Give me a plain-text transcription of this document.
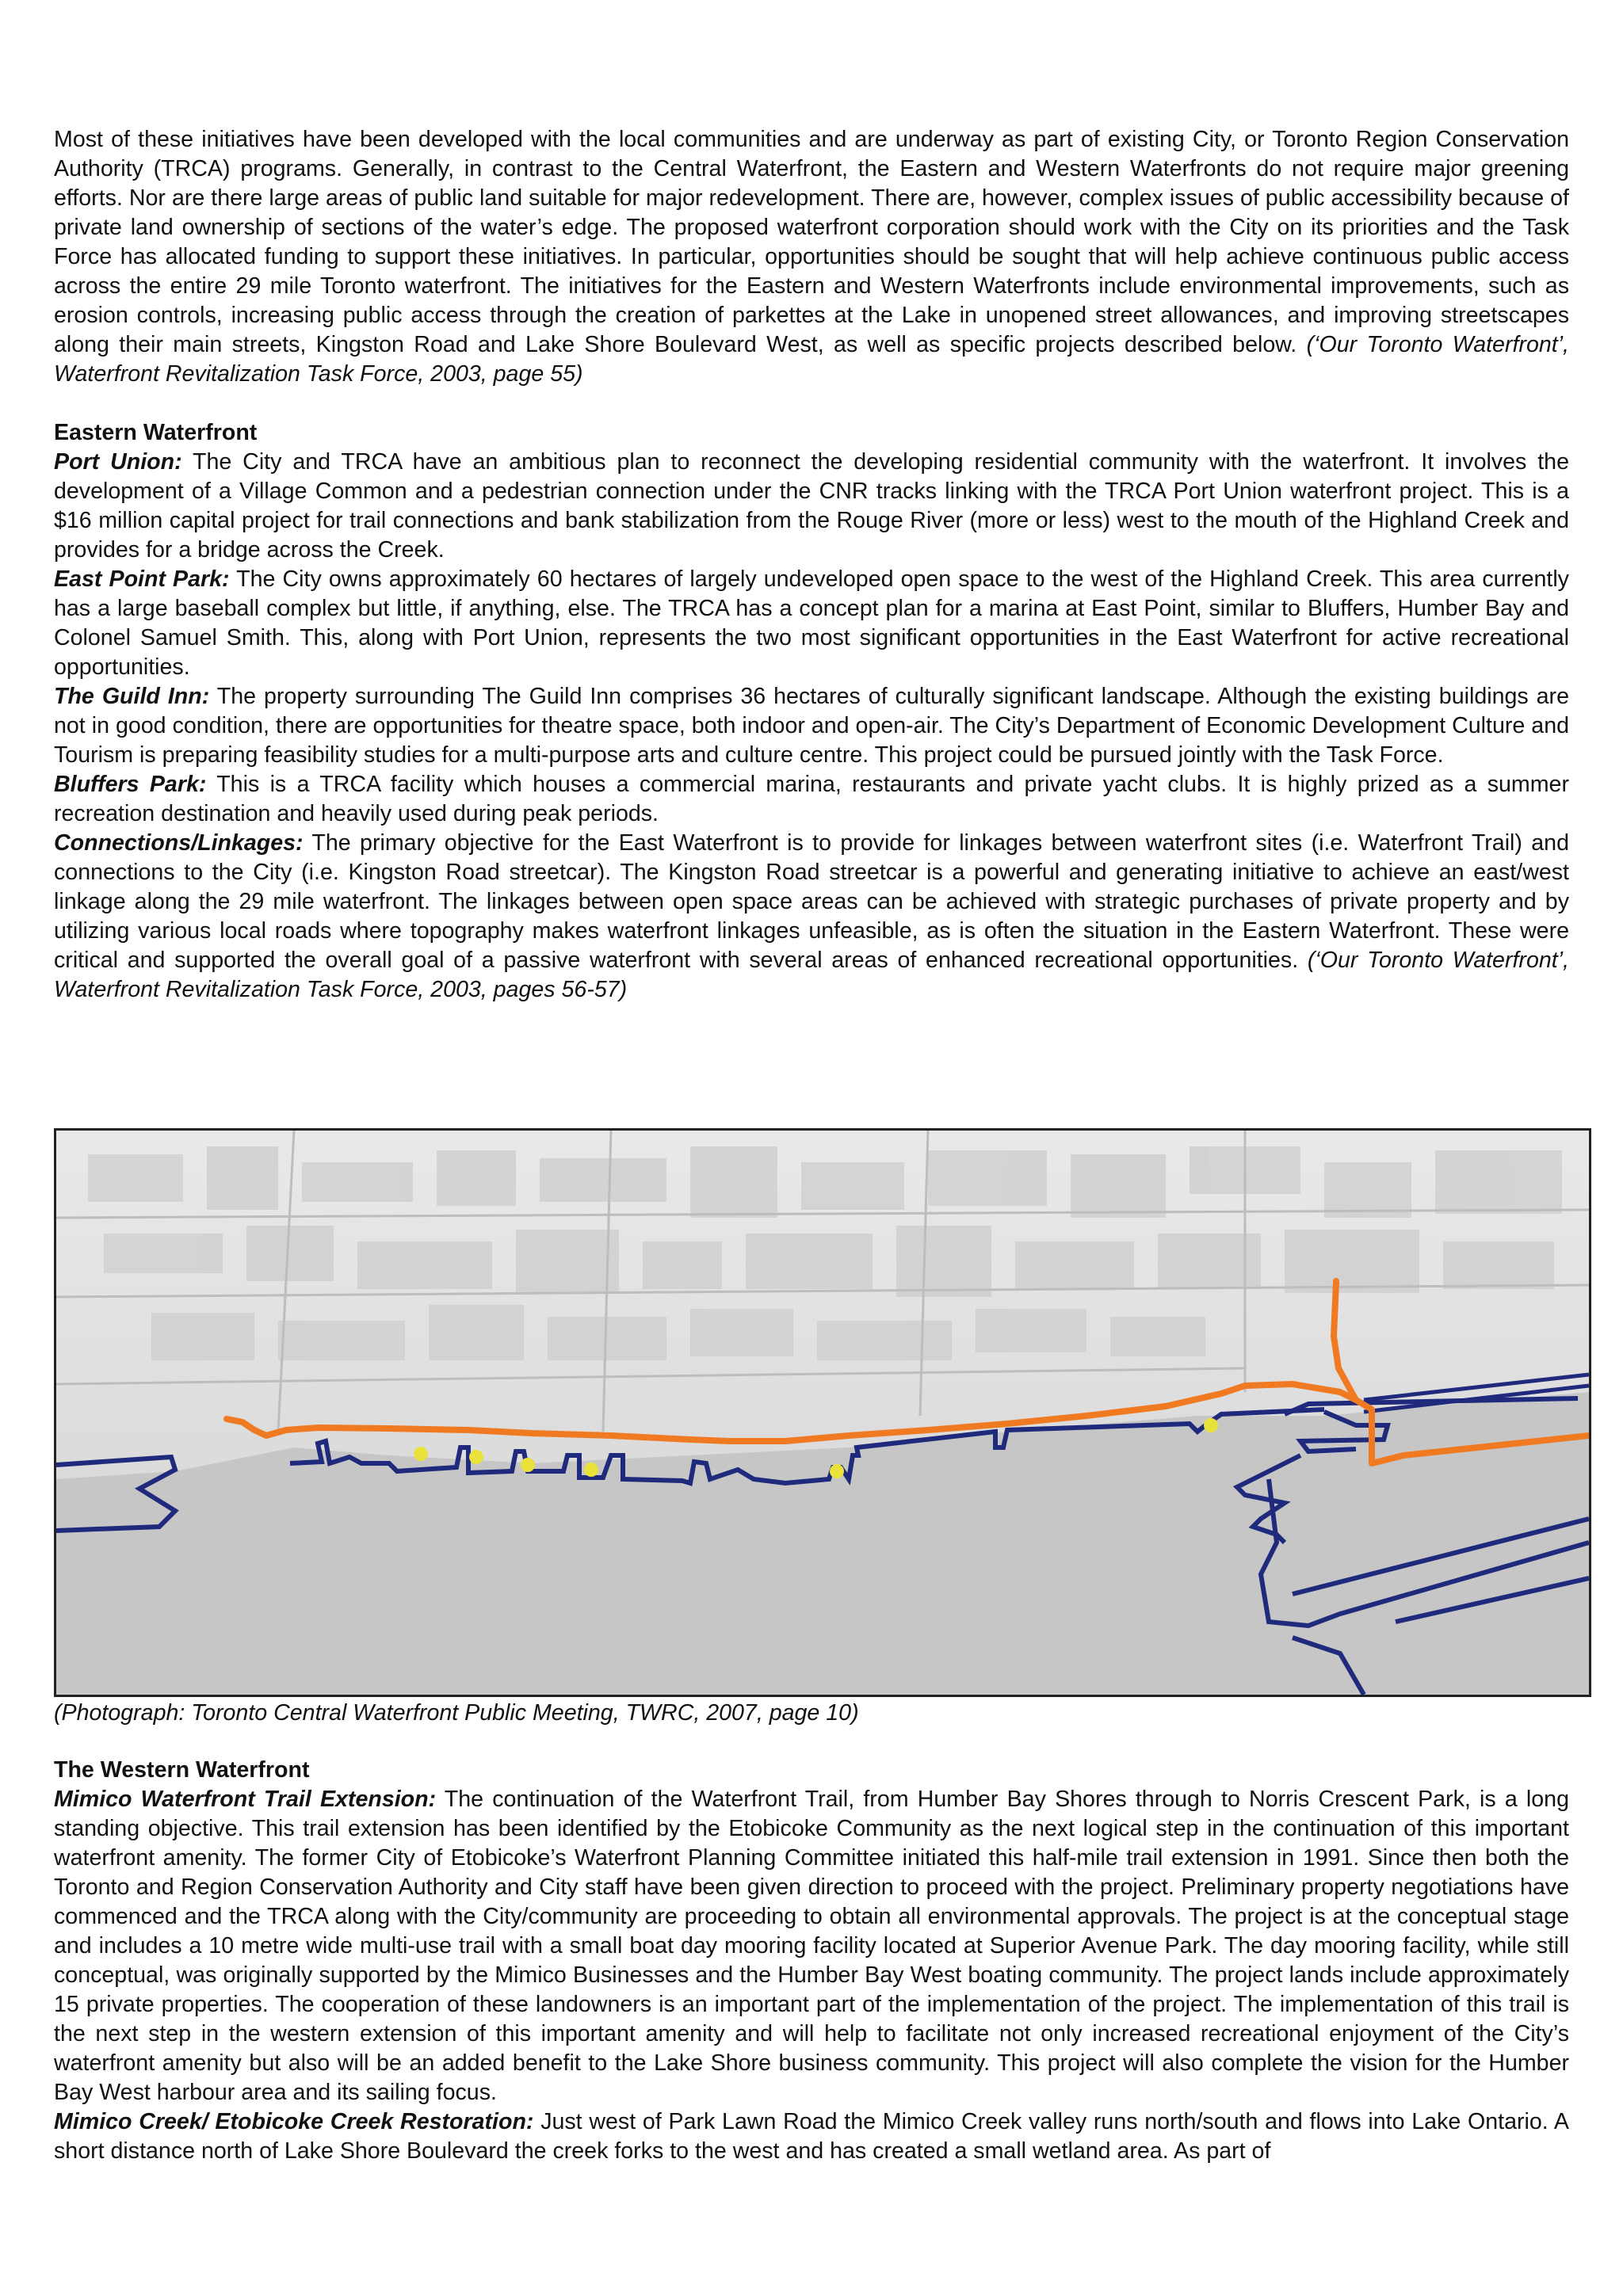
Most of these initiatives have been developed with the local communities and are underway as part of existing City, or Toronto Region Conservation Authority (TRCA) programs. Generally, in contrast to the Central Waterfront, the Eastern and Western Waterfronts do not require major greening efforts. Nor are there large areas of public land suitable for major redevelopment. There are, however, complex issues of public accessibility because of private land ownership of sections of the water’s edge. The proposed waterfront corporation should work with the City on its priorities and the Task Force has allocated funding to support these initiatives. In particular, opportunities should be sought that will help achieve continuous public access across the entire 29 mile Toronto waterfront. The initiatives for the Eastern and Western Waterfronts include environmental improvements, such as erosion controls, increasing public access through the creation of parkettes at the Lake in unopened street allowances, and improving streetscapes along their main streets, Kingston Road and Lake Shore Boulevard West, as well as specific projects described below. (‘Our Toronto Waterfront’, Waterfront Revitalization Task Force, 2003, page 55)

Eastern Waterfront

Port Union: The City and TRCA have an ambitious plan to reconnect the developing residential community with the waterfront. It involves the development of a Village Common and a pedestrian connection under the CNR tracks linking with the TRCA Port Union waterfront project. This is a $16 million capital project for trail connections and bank stabilization from the Rouge River (more or less) west to the mouth of the Highland Creek and provides for a bridge across the Creek.

East Point Park: The City owns approximately 60 hectares of largely undeveloped open space to the west of the Highland Creek. This area currently has a large baseball complex but little, if anything, else. The TRCA has a concept plan for a marina at East Point, similar to Bluffers, Humber Bay and Colonel Samuel Smith. This, along with Port Union, represents the two most significant opportunities in the East Waterfront for active recreational opportunities.

The Guild Inn: The property surrounding The Guild Inn comprises 36 hectares of culturally significant landscape. Although the existing buildings are not in good condition, there are opportunities for theatre space, both indoor and open-air. The City’s Department of Economic Development Culture and Tourism is preparing feasibility studies for a multi-purpose arts and culture centre. This project could be pursued jointly with the Task Force.

Bluffers Park: This is a TRCA facility which houses a commercial marina, restaurants and private yacht clubs. It is highly prized as a summer recreation destination and heavily used during peak periods.

Connections/Linkages: The primary objective for the East Waterfront is to provide for linkages between waterfront sites (i.e. Waterfront Trail) and connections to the City (i.e. Kingston Road streetcar). The Kingston Road streetcar is a powerful and generating initiative to achieve an east/west linkage along the 29 mile waterfront. The linkages between open space areas can be achieved with strategic purchases of private property and by utilizing various local roads where topography makes waterfront linkages unfeasible, as is often the situation in the Eastern Waterfront. These were critical and supported the overall goal of a passive waterfront with several areas of enhanced recreational opportunities. (‘Our Toronto Waterfront’, Waterfront Revitalization Task Force, 2003, pages 56-57)

(Photograph: Toronto Central Waterfront Public Meeting, TWRC, 2007, page 10)

The Western Waterfront

Mimico Waterfront Trail Extension: The continuation of the Waterfront Trail, from Humber Bay Shores through to Norris Crescent Park, is a long standing objective. This trail extension has been identified by the Etobicoke Community as the next logical step in the continuation of this important waterfront amenity. The former City of Etobicoke’s Waterfront Planning Committee initiated this half-mile trail extension in 1991. Since then both the Toronto and Region Conservation Authority and City staff have been given direction to proceed with the project. Preliminary property negotiations have commenced and the TRCA along with the City/community are proceeding to obtain all environmental approvals. The project is at the conceptual stage and includes a 10 metre wide multi-use trail with a small boat day mooring facility located at Superior Avenue Park. The day mooring facility, while still conceptual, was originally supported by the Mimico Businesses and the Humber Bay West boating community. The project lands include approximately 15 private properties. The cooperation of these landowners is an important part of the implementation of the project. The implementation of this trail is the next step in the western extension of this important amenity and will help to facilitate not only increased recreational enjoyment of the City’s waterfront amenity but also will be an added benefit to the Lake Shore business community. This project will also complete the vision for the Humber Bay West harbour area and its sailing focus.

Mimico Creek/ Etobicoke Creek Restoration: Just west of Park Lawn Road the Mimico Creek valley runs north/south and flows into Lake Ontario. A short distance north of Lake Shore Boulevard the creek forks to the west and has created a small wetland area. As part of
